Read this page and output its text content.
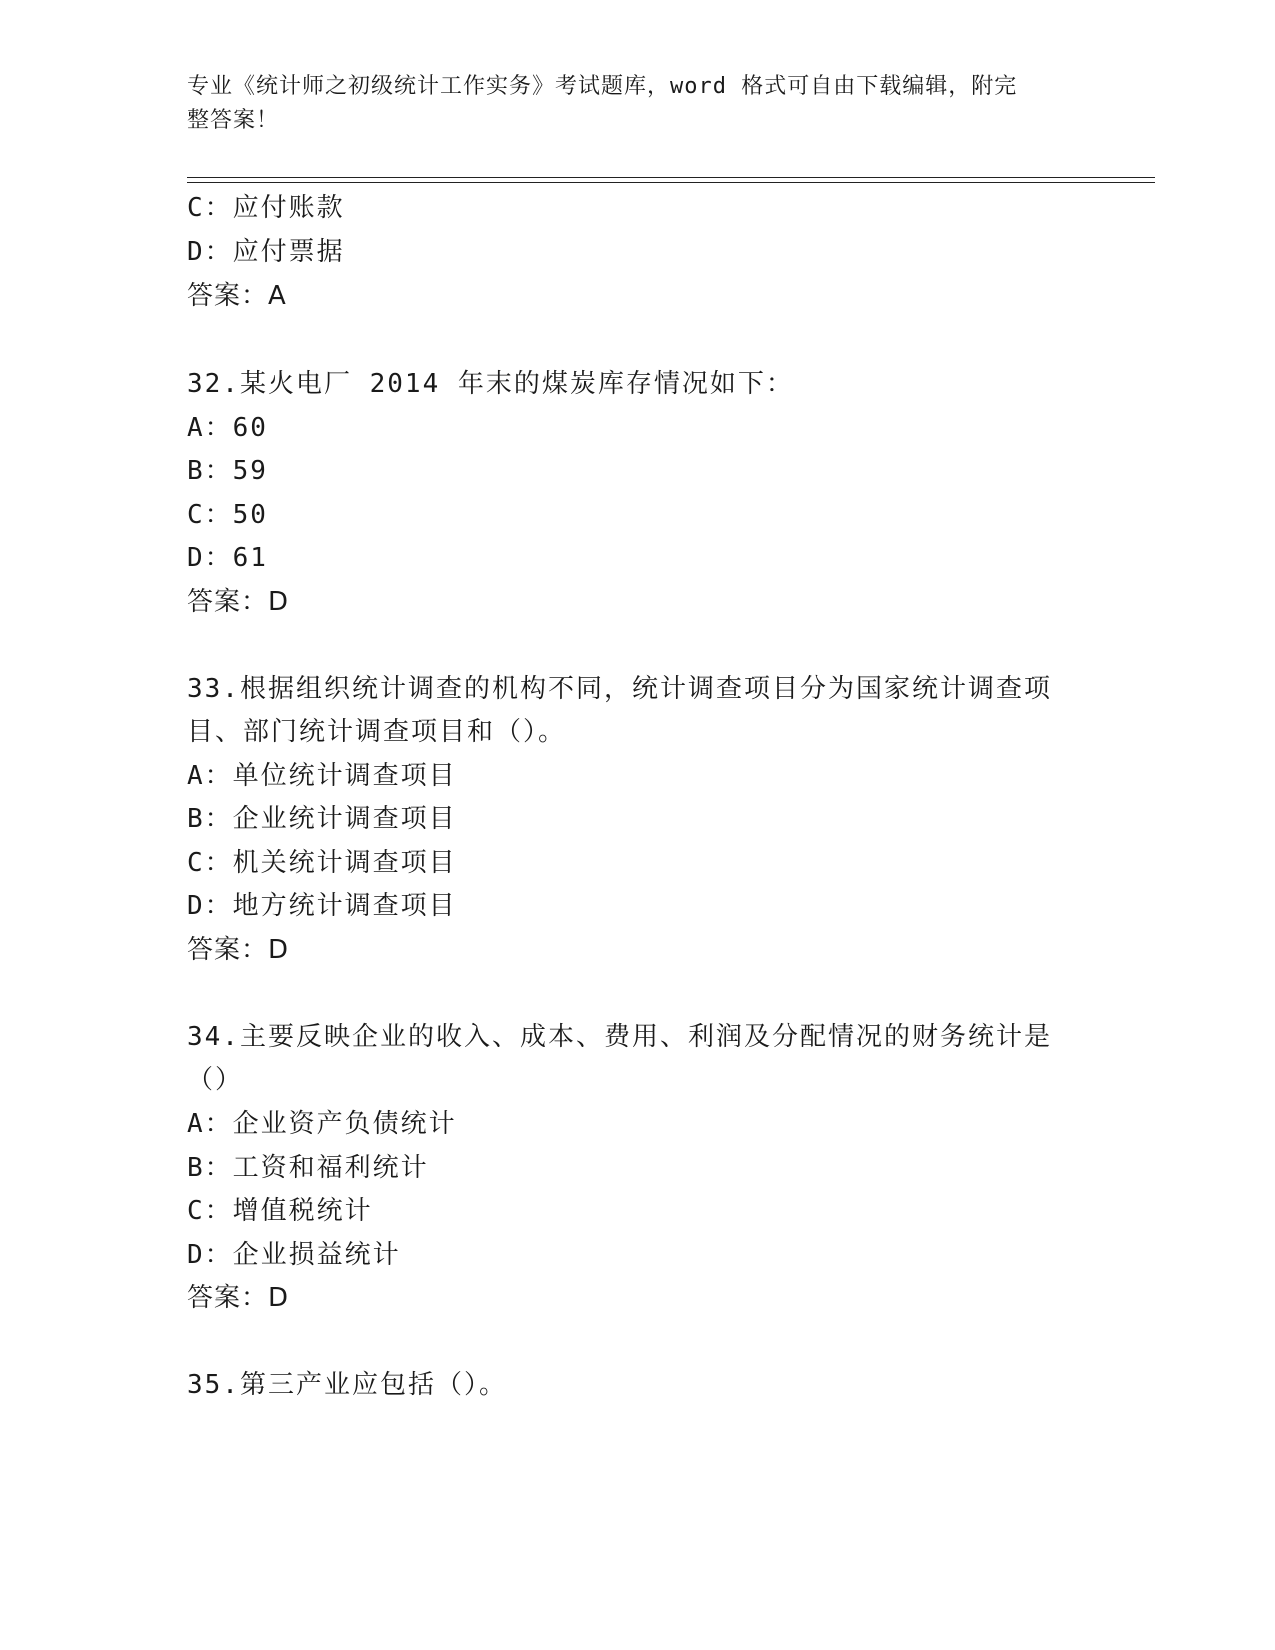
专业《统计师之初级统计工作实务》考试题库，word 格式可自由下载编辑，附完
整答案！
C：应付账款
D：应付票据
答案：A
32.某火电厂 2014 年末的煤炭库存情况如下：
A：60
B：59
C：50
D：61
答案：D
33.根据组织统计调查的机构不同，统计调查项目分为国家统计调查项
目、部门统计调查项目和（）。
A：单位统计调查项目
B：企业统计调查项目
C：机关统计调查项目
D：地方统计调查项目
答案：D
34.主要反映企业的收入、成本、费用、利润及分配情况的财务统计是
（）
A：企业资产负债统计
B：工资和福利统计
C：增值税统计
D：企业损益统计
答案：D
35.第三产业应包括（）。
